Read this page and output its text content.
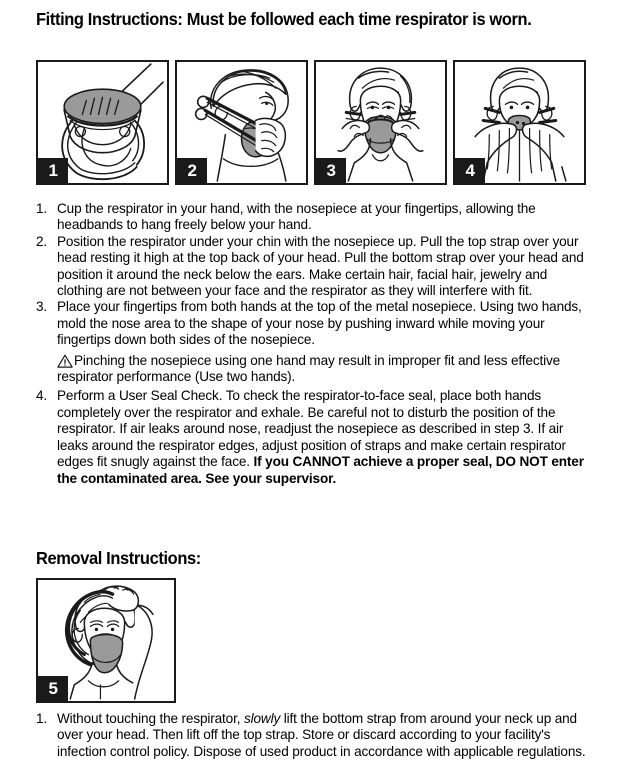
Fitting Instructions: Must be followed each time respirator is worn.
1	2	3	4
1. Cup the respirator in your hand, with the nosepiece at your fingertips, allowing the headbands to hang freely below your hand.
2. Position the respirator under your chin with the nosepiece up. Pull the top strap over your head resting it high at the top back of your head. Pull the bottom strap over your head and position it around the neck below the ears. Make certain hair, facial hair, jewelry and clothing are not between your face and the respirator as they will interfere with fit.
3. Place your fingertips from both hands at the top of the metal nosepiece. Using two hands, mold the nose area to the shape of your nose by pushing inward while moving your fingertips down both sides of the nosepiece.
Pinching the nosepiece using one hand may result in improper fit and less effective respirator performance (Use two hands).
4. Perform a User Seal Check. To check the respirator-to-face seal, place both hands completely over the respirator and exhale. Be careful not to disturb the position of the respirator. If air leaks around nose, readjust the nosepiece as described in step 3. If air leaks around the respirator edges, adjust position of straps and make certain respirator edges fit snugly against the face. If you CANNOT achieve a proper seal, DO NOT enter the contaminated area. See your supervisor.
Removal Instructions:
5
1. Without touching the respirator, slowly lift the bottom strap from around your neck up and over your head. Then lift off the top strap. Store or discard according to your facility's infection control policy. Dispose of used product in accordance with applicable regulations.
